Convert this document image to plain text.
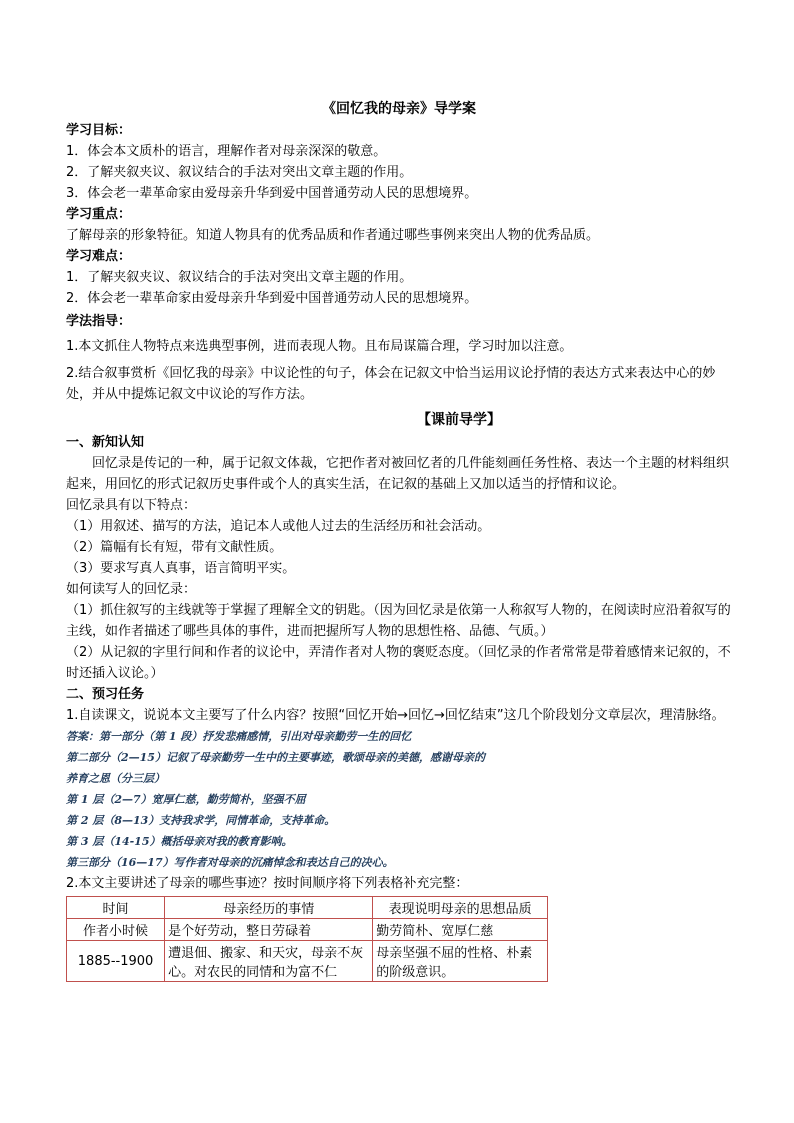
《回忆我的母亲》导学案
学习目标：
1．体会本文质朴的语言，理解作者对母亲深深的敬意。
2．了解夹叙夹议、叙议结合的手法对突出文章主题的作用。
3．体会老一辈革命家由爱母亲升华到爱中国普通劳动人民的思想境界。
学习重点：
了解母亲的形象特征。知道人物具有的优秀品质和作者通过哪些事例来突出人物的优秀品质。
学习难点：
1．了解夹叙夹议、叙议结合的手法对突出文章主题的作用。
2．体会老一辈革命家由爱母亲升华到爱中国普通劳动人民的思想境界。
学法指导：
1.本文抓住人物特点来选典型事例，进而表现人物。且布局谋篇合理，学习时加以注意。
2.结合叙事赏析《回忆我的母亲》中议论性的句子，体会在记叙文中恰当运用议论抒情的表达方式来表达中心的妙处，并从中提炼记叙文中议论的写作方法。
【课前导学】
一、新知认知
回忆录是传记的一种，属于记叙文体裁，它把作者对被回忆者的几件能刻画任务性格、表达一个主题的材料组织起来，用回忆的形式记叙历史事件或个人的真实生活，在记叙的基础上又加以适当的抒情和议论。
回忆录具有以下特点：
（1）用叙述、描写的方法，追记本人或他人过去的生活经历和社会活动。
（2）篇幅有长有短，带有文献性质。
（3）要求写真人真事，语言简明平实。
如何读写人的回忆录：
（1）抓住叙写的主线就等于掌握了理解全文的钥匙。（因为回忆录是依第一人称叙写人物的，在阅读时应沿着叙写的主线，如作者描述了哪些具体的事件，进而把握所写人物的思想性格、品德、气质。）
（2）从记叙的字里行间和作者的议论中，弄清作者对人物的褒贬态度。（回忆录的作者常常是带着感情来记叙的，不时还插入议论。）
二、预习任务
1.自读课文，说说本文主要写了什么内容？按照“回忆开始→回忆→回忆结束”这几个阶段划分文章层次，理清脉络。
答案：第一部分（第 1 段）抒发悲痛感情，引出对母亲勤劳一生的回忆
第二部分（2—15）记叙了母亲勤劳一生中的主要事迹，歌颂母亲的美德，感谢母亲的
养育之恩（分三层）
第 1 层（2—7）宽厚仁慈，勤劳简朴，坚强不屈
第 2 层（8—13）支持我求学，同情革命，支持革命。
第 3 层（14-15）概括母亲对我的教育影响。
第三部分（16—17）写作者对母亲的沉痛悼念和表达自己的决心。
2.本文主要讲述了母亲的哪些事迹？按时间顺序将下列表格补充完整：
时间	母亲经历的事情	表现说明母亲的思想品质
作者小时候	是个好劳动，整日劳碌着	勤劳简朴、宽厚仁慈
1885--1900	遭退佃、搬家、和天灾，母亲不灰心。对农民的同情和为富不仁	母亲坚强不屈的性格、朴素的阶级意识。
